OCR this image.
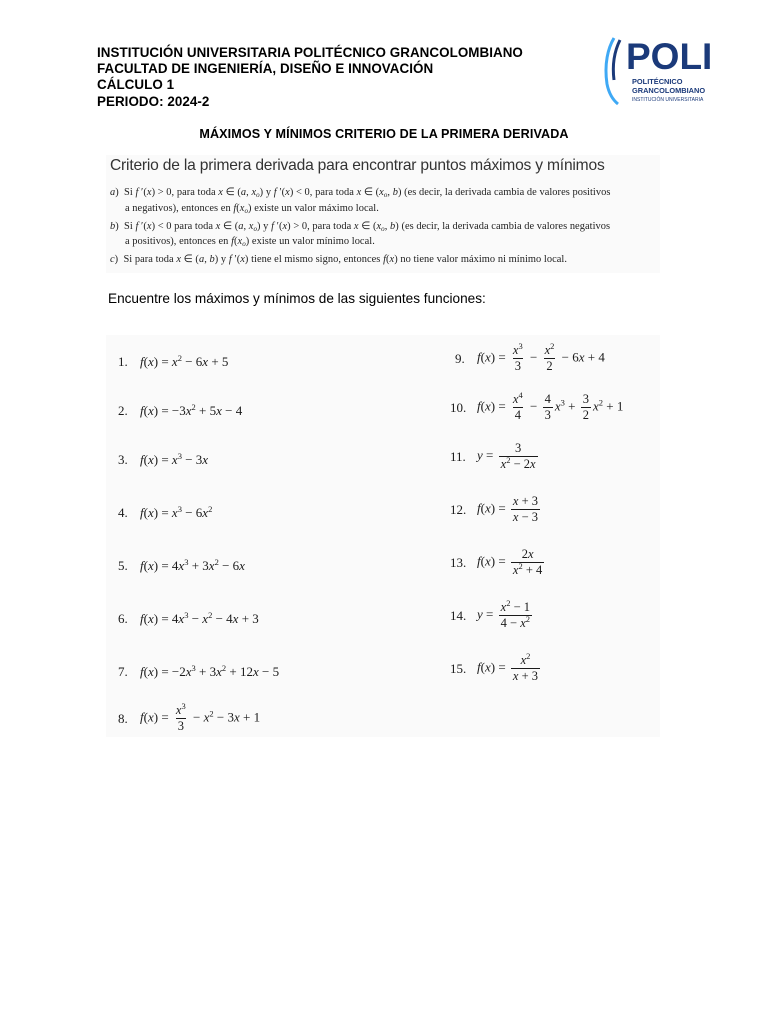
INSTITUCIÓN UNIVERSITARIA POLITÉCNICO GRANCOLOMBIANO
FACULTAD DE INGENIERÍA, DISEÑO E INNOVACIÓN
CÁLCULO 1
PERIODO: 2024-2
POLI
POLITÉCNICO
GRANCOLOMBIANO
INSTITUCIÓN UNIVERSITARIA
MÁXIMOS Y MÍNIMOS CRITERIO DE LA PRIMERA DERIVADA
Criterio de la primera derivada para encontrar puntos máximos y mínimos
a)  Si f ′(x) > 0, para toda x ∈ (a, $x_o$) y f ′(x) < 0, para toda x ∈ ($x_o$, b) (es decir, la derivada cambia de valores positivos
a negativos), entonces en $f(x_o)$ existe un valor máximo local.
b)  Si f ′(x) < 0 para toda x ∈ (a, $x_o$) y f ′(x) > 0, para toda x ∈ ($x_o$, b) (es decir, la derivada cambia de valores negativos
a positivos), entonces en $f(x_o)$ existe un valor mínimo local.
c)  Si para toda x ∈ (a, b) y f ′(x) tiene el mismo signo, entonces f(x) no tiene valor máximo ni mínimo local.
Encuentre los máximos y mínimos de las siguientes funciones:
1. $f(x) = x^2 - 6x + 5$
2. $f(x) = -3x^2 + 5x - 4$
3. $f(x) = x^3 - 3x$
4. $f(x) = x^3 - 6x^2$
5. $f(x) = 4x^3 + 3x^2 - 6x$
6. $f(x) = 4x^3 - x^2 - 4x + 3$
7. $f(x) = -2x^3 + 3x^2 + 12x - 5$
8. $f(x) = \frac{x^3}{3} - x^2 - 3x + 1$
9. $f(x) = \frac{x^3}{3} - \frac{x^2}{2} - 6x + 4$
10. $f(x) = \frac{x^4}{4} - \frac{4}{3} x^3 + \frac{3}{2} x^2 + 1$
11. $y = \frac{3}{x^2 - 2x}$
12. $f(x) = \frac{x + 3}{x - 3}$
13. $f(x) = \frac{2x}{x^2 + 4}$
14. $y = \frac{x^2 - 1}{4 - x^2}$
15. $f(x) = \frac{x^2}{x + 3}$
